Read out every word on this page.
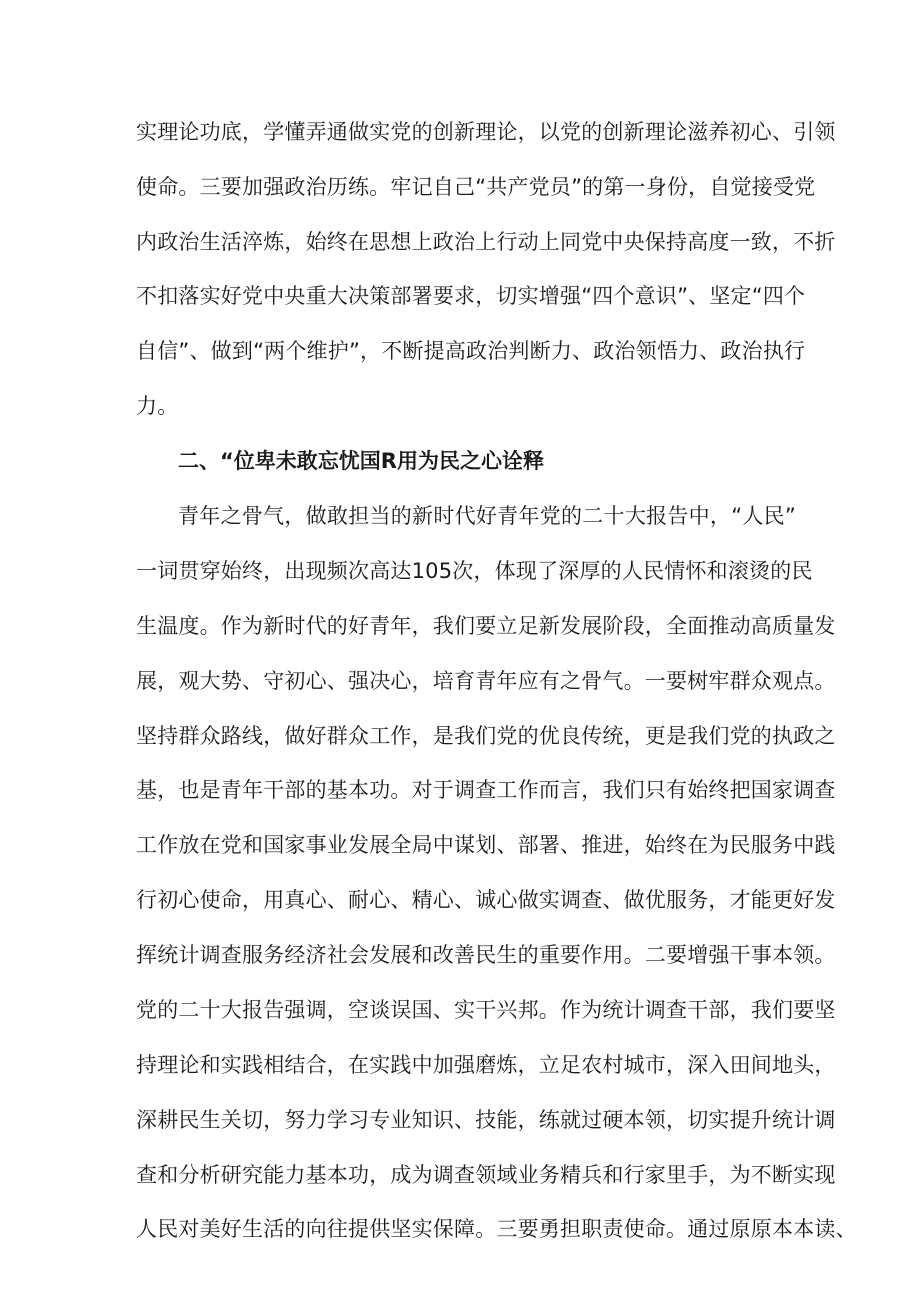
实理论功底，学懂弄通做实党的创新理论，以党的创新理论滋养初心、引领
使命。三要加强政治历练。牢记自己“共产党员”的第一身份，自觉接受党
内政治生活淬炼，始终在思想上政治上行动上同党中央保持高度一致，不折
不扣落实好党中央重大决策部署要求，切实增强“四个意识”、坚定“四个
自信”、做到“两个维护”，不断提高政治判断力、政治领悟力、政治执行
力。
二、“位卑未敢忘忧国R用为民之心诠释
青年之骨气，做敢担当的新时代好青年党的二十大报告中，“人民”
一词贯穿始终，出现频次高达105次，体现了深厚的人民情怀和滚烫的民
生温度。作为新时代的好青年，我们要立足新发展阶段，全面推动高质量发
展，观大势、守初心、强决心，培育青年应有之骨气。一要树牢群众观点。
坚持群众路线，做好群众工作，是我们党的优良传统，更是我们党的执政之
基，也是青年干部的基本功。对于调查工作而言，我们只有始终把国家调查
工作放在党和国家事业发展全局中谋划、部署、推进，始终在为民服务中践
行初心使命，用真心、耐心、精心、诚心做实调查、做优服务，才能更好发
挥统计调查服务经济社会发展和改善民生的重要作用。二要增强干事本领。
党的二十大报告强调，空谈误国、实干兴邦。作为统计调查干部，我们要坚
持理论和实践相结合，在实践中加强磨炼，立足农村城市，深入田间地头，
深耕民生关切，努力学习专业知识、技能，练就过硬本领，切实提升统计调
查和分析研究能力基本功，成为调查领域业务精兵和行家里手，为不断实现
人民对美好生活的向往提供坚实保障。三要勇担职责使命。通过原原本本读、
